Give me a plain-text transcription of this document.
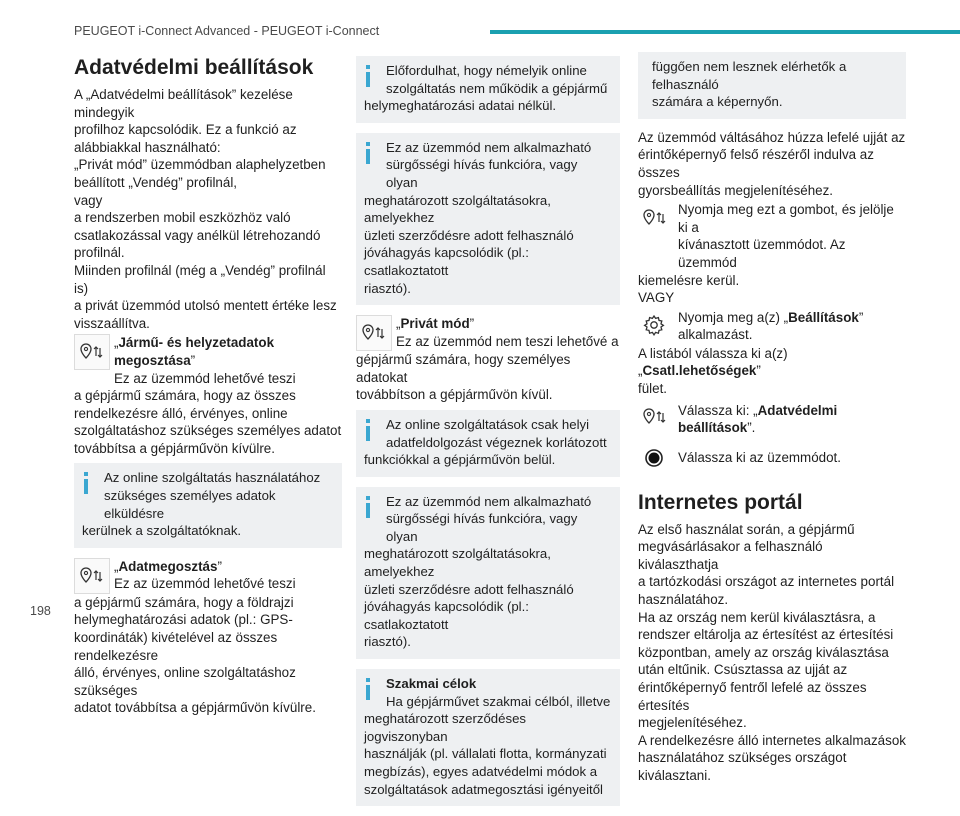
PEUGEOT i-Connect Advanced - PEUGEOT i-Connect
Adatvédelmi beállítások

A „Adatvédelmi beállítások” kezelése mindegyik

profilhoz kapcsolódik. Ez a funkció az

alábbiakkal használható:

„Privát mód” üzemmódban alaphelyzetben

beállított „Vendég” profilnál,

vagy

a rendszerben mobil eszközhöz való

csatlakozással vagy anélkül létrehozandó

profilnál.

Miinden profilnál (még a „Vendég” profilnál is)

a privát üzemmód utolsó mentett értéke lesz

visszaállítva.

„Jármű- és helyzetadatok megosztása”

Ez az üzemmód lehetővé teszi

a gépjármű számára, hogy az összes

rendelkezésre álló, érvényes, online

szolgáltatáshoz szükséges személyes adatot

továbbítsa a gépjárművön kívülre.

Az online szolgáltatás használatához
szükséges személyes adatok elküldésre
kerülnek a szolgáltatóknak.

„Adatmegosztás”

Ez az üzemmód lehetővé teszi

a gépjármű számára, hogy a földrajzi

helymeghatározási adatok (pl.: GPS-

koordináták) kivételével az összes rendelkezésre

álló, érvényes, online szolgáltatáshoz szükséges

adatot továbbítsa a gépjárművön kívülre.

Előfordulhat, hogy némelyik online
szolgáltatás nem működik a gépjármű
helymeghatározási adatai nélkül.
Ez az üzemmód nem alkalmazható
sürgősségi hívás funkcióra, vagy olyan

meghatározott szolgáltatásokra, amelyekhez

üzleti szerződésre adott felhasználó

jóváhagyás kapcsolódik (pl.: csatlakoztatott

riasztó).

„Privát mód”

Ez az üzemmód nem teszi lehetővé a

gépjármű számára, hogy személyes adatokat

továbbítson a gépjárművön kívül.

Az online szolgáltatások csak helyi
adatfeldolgozást végeznek korlátozott
funkciókkal a gépjárművön belül.
Ez az üzemmód nem alkalmazható
sürgősségi hívás funkcióra, vagy olyan

meghatározott szolgáltatásokra, amelyekhez

üzleti szerződésre adott felhasználó

jóváhagyás kapcsolódik (pl.: csatlakoztatott

riasztó).

Szakmai célok
Ha gépjárművet szakmai célból, illetve

meghatározott szerződéses jogviszonyban

használják (pl. vállalati flotta, kormányzati

megbízás), egyes adatvédelmi módok a

szolgáltatások adatmegosztási igényeitől

függően nem lesznek elérhetők a felhasználó

számára a képernyőn.

Az üzemmód váltásához húzza lefelé ujját az

érintőképernyő felső részéről indulva az összes

gyorsbeállítás megjelenítéséhez.

Nyomja meg ezt a gombot, és jelölje ki a

kívánasztott üzemmódot. Az üzemmód

kiemelésre kerül.

VAGY

Nyomja meg a(z) „Beállítások”

alkalmazást.

A listából válassza ki a(z) „Csatl.lehetőségek”

fület.

Válassza ki: „Adatvédelmi beállítások”.

Válassza ki az üzemmódot.

Internetes portál

Az első használat során, a gépjármű

megvásárlásakor a felhasználó kiválaszthatja

a tartózkodási országot az internetes portál

használatához.

Ha az ország nem kerül kiválasztásra, a

rendszer eltárolja az értesítést az értesítési

központban, amely az ország kiválasztása

után eltűnik. Csúsztassa az ujját az

érintőképernyő fentről lefelé az összes értesítés

megjelenítéséhez.

A rendelkezésre álló internetes alkalmazások

használatához szükséges országot kiválasztani.

198
